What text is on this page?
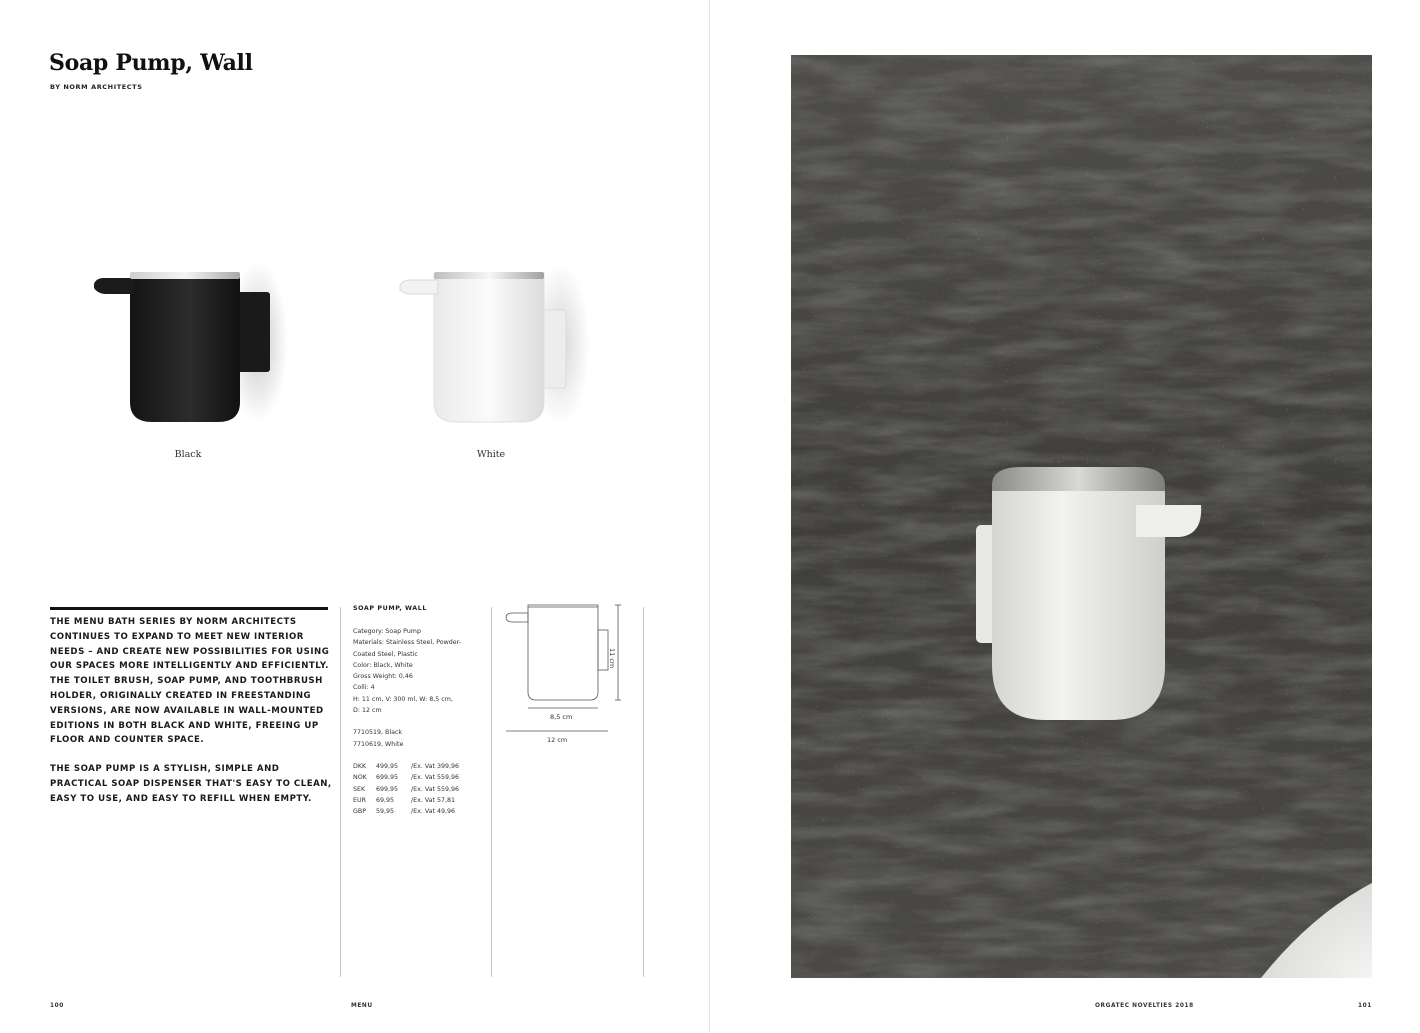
Soap Pump, Wall
BY NORM ARCHITECTS
Black	White

THE MENU BATH SERIES BY NORM ARCHITECTS CONTINUES TO EXPAND TO MEET NEW INTERIOR NEEDS – AND CREATE NEW POSSIBILITIES FOR USING OUR SPACES MORE INTELLIGENTLY AND EFFICIENTLY. THE TOILET BRUSH, SOAP PUMP, AND TOOTHBRUSH HOLDER, ORIGINALLY CREATED IN FREESTANDING VERSIONS, ARE NOW AVAILABLE IN WALL-MOUNTED EDITIONS IN BOTH BLACK AND WHITE, FREEING UP FLOOR AND COUNTER SPACE.

THE SOAP PUMP IS A STYLISH, SIMPLE AND PRACTICAL SOAP DISPENSER THAT'S EASY TO CLEAN, EASY TO USE, AND EASY TO REFILL WHEN EMPTY.

SOAP PUMP, WALL
Category: Soap Pump
Materials: Stainless Steel, Powder-
Coated Steel, Plastic
Color: Black, White
Gross Weight: 0,46
Colli: 4
H: 11 cm, V: 300 ml, W: 8,5 cm,
D: 12 cm
7710519, Black
7710619, White
DKK	499,95	/Ex. Vat 399,96
NOK	699,95	/Ex. Vat 559,96
SEK	699,95	/Ex. Vat 559,96
EUR	69,95	/Ex. Vat 57,81
GBP	59,95	/Ex. Vat 49,96
11 cm
8,5 cm
12 cm
100	MENU	ORGATEC NOVELTIES 2018	101
